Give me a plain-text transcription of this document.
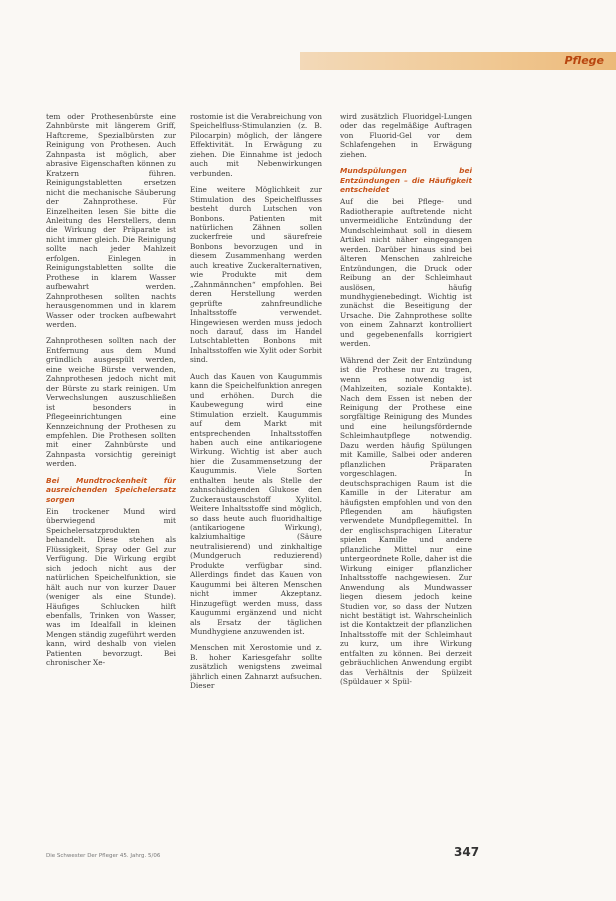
Pflege

tem oder Prothesenbürste eine Zahnbürste mit längerem Griff, Haftcreme, Spezialbürsten zur Reinigung von Prothesen. Auch Zahnpasta ist möglich, aber abrasive Eigenschaften können zu Kratzern führen. Reinigungstabletten ersetzen nicht die mechanische Säuberung der Zahnprothese. Für Einzelheiten lesen Sie bitte die Anleitung des Herstellers, denn die Wirkung der Präparate ist nicht immer gleich. Die Reinigung sollte nach jeder Mahlzeit erfolgen. Einlegen in Reinigungstabletten sollte die Prothese in klarem Wasser aufbewahrt werden. Zahnprothesen sollten nachts herausgenommen und in klarem Wasser oder trocken aufbewahrt werden.

Zahnprothesen sollten nach der Entfernung aus dem Mund gründlich ausgespült werden, eine weiche Bürste verwenden, Zahnprothesen jedoch nicht mit der Bürste zu stark reinigen. Um Verwechslungen auszuschließen ist besonders in Pflegeeinrichtungen eine Kennzeichnung der Prothesen zu empfehlen. Die Prothesen sollten mit einer Zahnbürste und Zahnpasta vorsichtig gereinigt werden.

Bei Mundtrockenheit für ausreichenden Speichelersatz sorgen

Ein trockener Mund wird überwiegend mit Speichelersatzprodukten behandelt. Diese stehen als Flüssigkeit, Spray oder Gel zur Verfügung. Die Wirkung ergibt sich jedoch nicht aus der natürlichen Speichelfunktion, sie hält auch nur von kurzer Dauer (weniger als eine Stunde). Häufiges Schlucken hilft ebenfalls, Trinken von Wasser, was im Idealfall in kleinen Mengen ständig zugeführt werden kann, wird deshalb von vielen Patienten bevorzugt. Bei chronischer Xe-

rostomie ist die Verabreichung von Speichelfluss-Stimulanzien (z. B. Pilocarpin) möglich, der längere Effektivität. In Erwägung zu ziehen. Die Einnahme ist jedoch auch mit Nebenwirkungen verbunden.

Eine weitere Möglichkeit zur Stimulation des Speichelflusses besteht durch Lutschen von Bonbons. Patienten mit natürlichen Zähnen sollen zuckerfreie und säurefreie Bonbons bevorzugen und in diesem Zusammenhang werden auch kreative Zuckeralternativen, wie Produkte mit dem „Zahnmännchen“ empfohlen. Bei deren Herstellung werden geprüfte zahnfreundliche Inhaltsstoffe verwendet. Hingewiesen werden muss jedoch noch darauf, dass im Handel Lutschtabletten Bonbons mit Inhaltsstoffen wie Xylit oder Sorbit sind.

Auch das Kauen von Kaugummis kann die Speichelfunktion anregen und erhöhen. Durch die Kaubewegung wird eine Stimulation erzielt. Kaugummis auf dem Markt mit entsprechenden Inhaltsstoffen haben auch eine antikariogene Wirkung. Wichtig ist aber auch hier die Zusammensetzung der Kaugummis. Viele Sorten enthalten heute als Stelle der zahnschädigenden Glukose den Zuckeraustauschstoff Xylitol. Weitere Inhaltsstoffe sind möglich, so dass heute auch fluoridhaltige (antikariogene Wirkung), kalziumhaltige (Säure neutralisierend) und zinkhaltige (Mundgeruch reduzierend) Produkte verfügbar sind. Allerdings findet das Kauen von Kaugummi bei älteren Menschen nicht immer Akzeptanz. Hinzugefügt werden muss, dass Kaugummi ergänzend und nicht als Ersatz der täglichen Mundhygiene anzuwenden ist.

Menschen mit Xerostomie und z. B. hoher Kariesgefahr sollte zusätzlich wenigstens zweimal jährlich einen Zahnarzt aufsuchen. Dieser

wird zusätzlich Fluoridgel-Lungen oder das regelmäßige Auftragen von Fluorid-Gel vor dem Schlafengehen in Erwägung ziehen.

Mundspülungen bei Entzündungen – die Häufigkeit entscheidet

Auf die bei Pflege- und Radiotherapie auftretende nicht unvermeidliche Entzündung der Mundschleimhaut soll in diesem Artikel nicht näher eingegangen werden. Darüber hinaus sind bei älteren Menschen zahlreiche Entzündungen, die Druck oder Reibung an der Schleimhaut auslösen, häufig mundhygienebedingt. Wichtig ist zunächst die Beseitigung der Ursache. Die Zahnprothese sollte von einem Zahnarzt kontrolliert und gegebenenfalls korrigiert werden.

Während der Zeit der Entzündung ist die Prothese nur zu tragen, wenn es notwendig ist (Mahlzeiten, soziale Kontakte). Nach dem Essen ist neben der Reinigung der Prothese eine sorgfältige Reinigung des Mundes und eine heilungsfördernde Schleimhautpflege notwendig. Dazu werden häufig Spülungen mit Kamille, Salbei oder anderen pflanzlichen Präparaten vorgeschlagen. In deutschsprachigen Raum ist die Kamille in der Literatur am häufigsten empfohlen und von den Pflegenden am häufigsten verwendete Mundpflegemittel. In der englischsprachigen Literatur spielen Kamille und andere pflanzliche Mittel nur eine untergeordnete Rolle, daher ist die Wirkung einiger pflanzlicher Inhaltsstoffe nachgewiesen. Zur Anwendung als Mundwasser liegen diesem jedoch keine Studien vor, so dass der Nutzen nicht bestätigt ist. Wahrscheinlich ist die Kontaktzeit der pflanzlichen Inhaltsstoffe mit der Schleimhaut zu kurz, um ihre Wirkung entfalten zu können. Bei derzeit gebräuchlichen Anwendung ergibt das Verhältnis der Spülzeit (Spüldauer × Spül-

Die Schwester Der Pfleger 45. Jahrg. 5/06	347
